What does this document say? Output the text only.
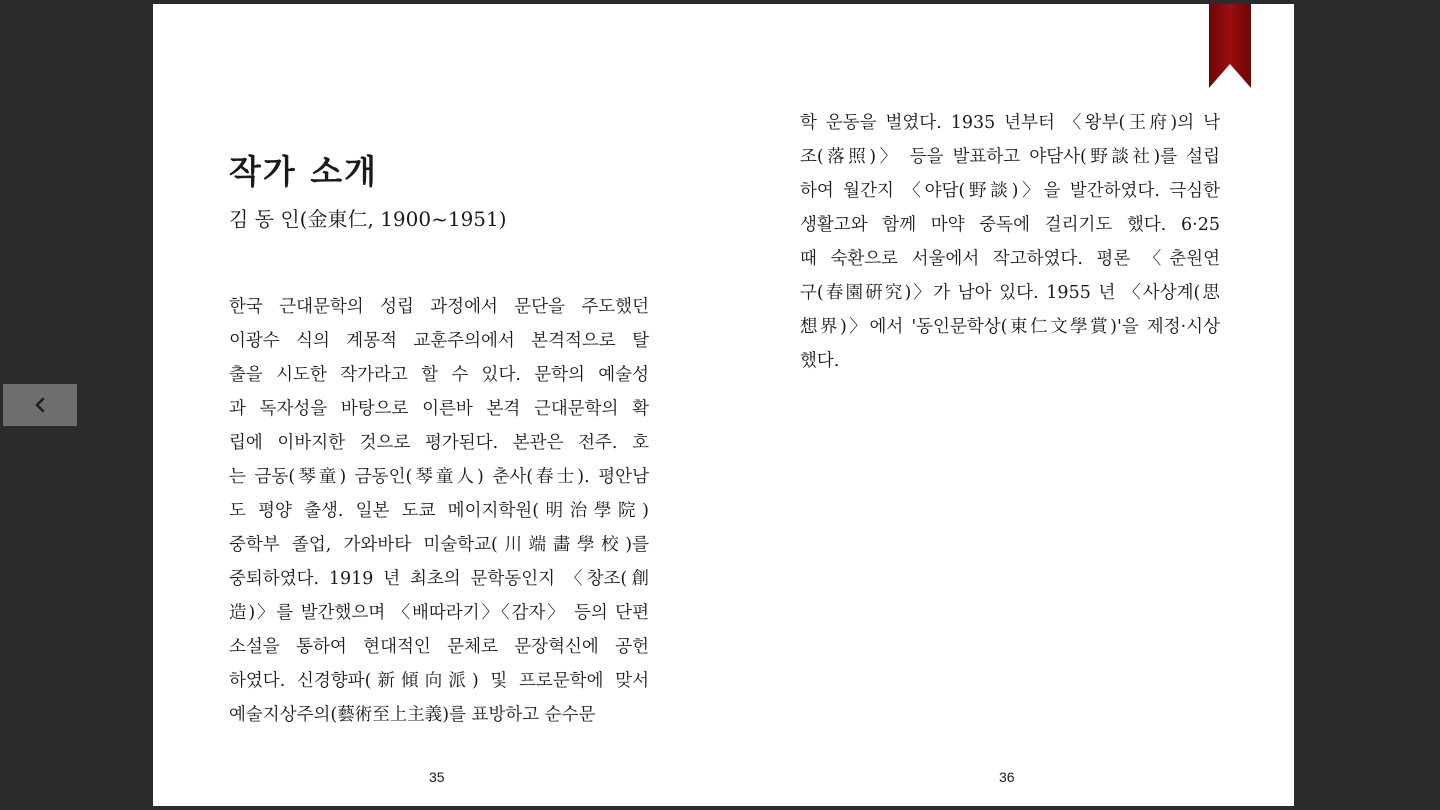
작가 소개
김 동 인(金東仁, 1900~1951)
한국 근대문학의 성립 과정에서 문단을 주도했던
이광수 식의 계몽적 교훈주의에서 본격적으로 탈
출을 시도한 작가라고 할 수 있다. 문학의 예술성
과 독자성을 바탕으로 이른바 본격 근대문학의 확
립에 이바지한 것으로 평가된다. 본관은 전주. 호
는 금동(琴童) 금동인(琴童人) 춘사(春士). 평안남
도 평양 출생. 일본 도쿄 메이지학원(明治學院)
중학부 졸업, 가와바타 미술학교(川端畵學校)를
중퇴하였다. 1919 년 최초의 문학동인지 〈창조(創
造)〉를 발간했으며 〈배따라기〉〈감자〉 등의 단편
소설을 통하여 현대적인 문체로 문장혁신에 공헌
하였다. 신경향파(新傾向派) 및 프로문학에 맞서
예술지상주의(藝術至上主義)를 표방하고 순수문
35
학 운동을 벌였다. 1935 년부터 〈왕부(王府)의 낙
조(落照)〉 등을 발표하고 야담사(野談社)를 설립
하여 월간지 〈야담(野談)〉을 발간하였다. 극심한
생활고와 함께 마약 중독에 걸리기도 했다. 6·25
때 숙환으로 서울에서 작고하였다. 평론 〈춘원연
구(春園硏究)〉가 남아 있다. 1955 년 〈사상계(思
想界)〉에서 '동인문학상(東仁文學賞)'을 제정·시상
했다.
36
